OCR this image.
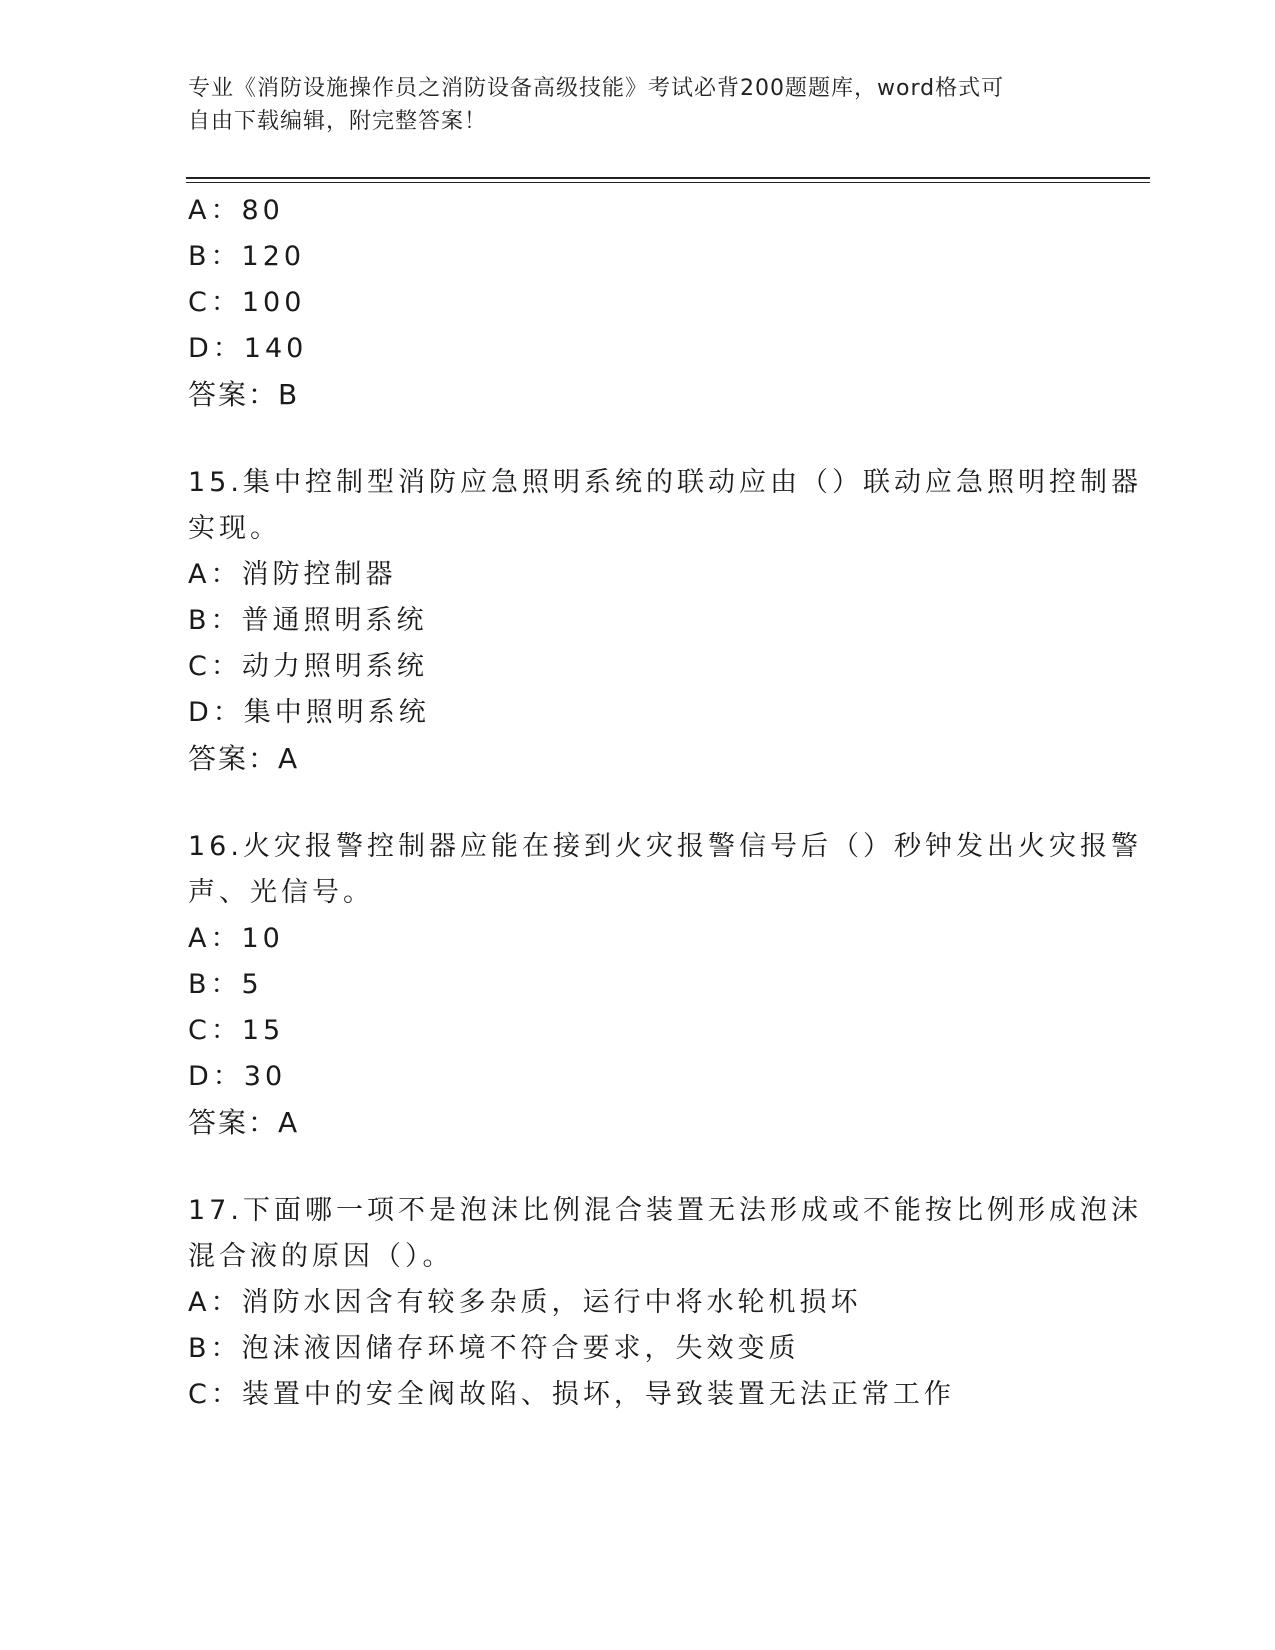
专业《消防设施操作员之消防设备高级技能》考试必背200题题库，word格式可
自由下载编辑，附完整答案！
A：80
B：120
C：100
D：140
答案：B
15.集中控制型消防应急照明系统的联动应由（）联动应急照明控制器
实现。
A：消防控制器
B：普通照明系统
C：动力照明系统
D：集中照明系统
答案：A
16.火灾报警控制器应能在接到火灾报警信号后（）秒钟发出火灾报警
声、光信号。
A：10
B：5
C：15
D：30
答案：A
17.下面哪一项不是泡沫比例混合装置无法形成或不能按比例形成泡沫
混合液的原因（）。
A：消防水因含有较多杂质，运行中将水轮机损坏
B：泡沫液因储存环境不符合要求，失效变质
C：装置中的安全阀故陷、损坏，导致装置无法正常工作
